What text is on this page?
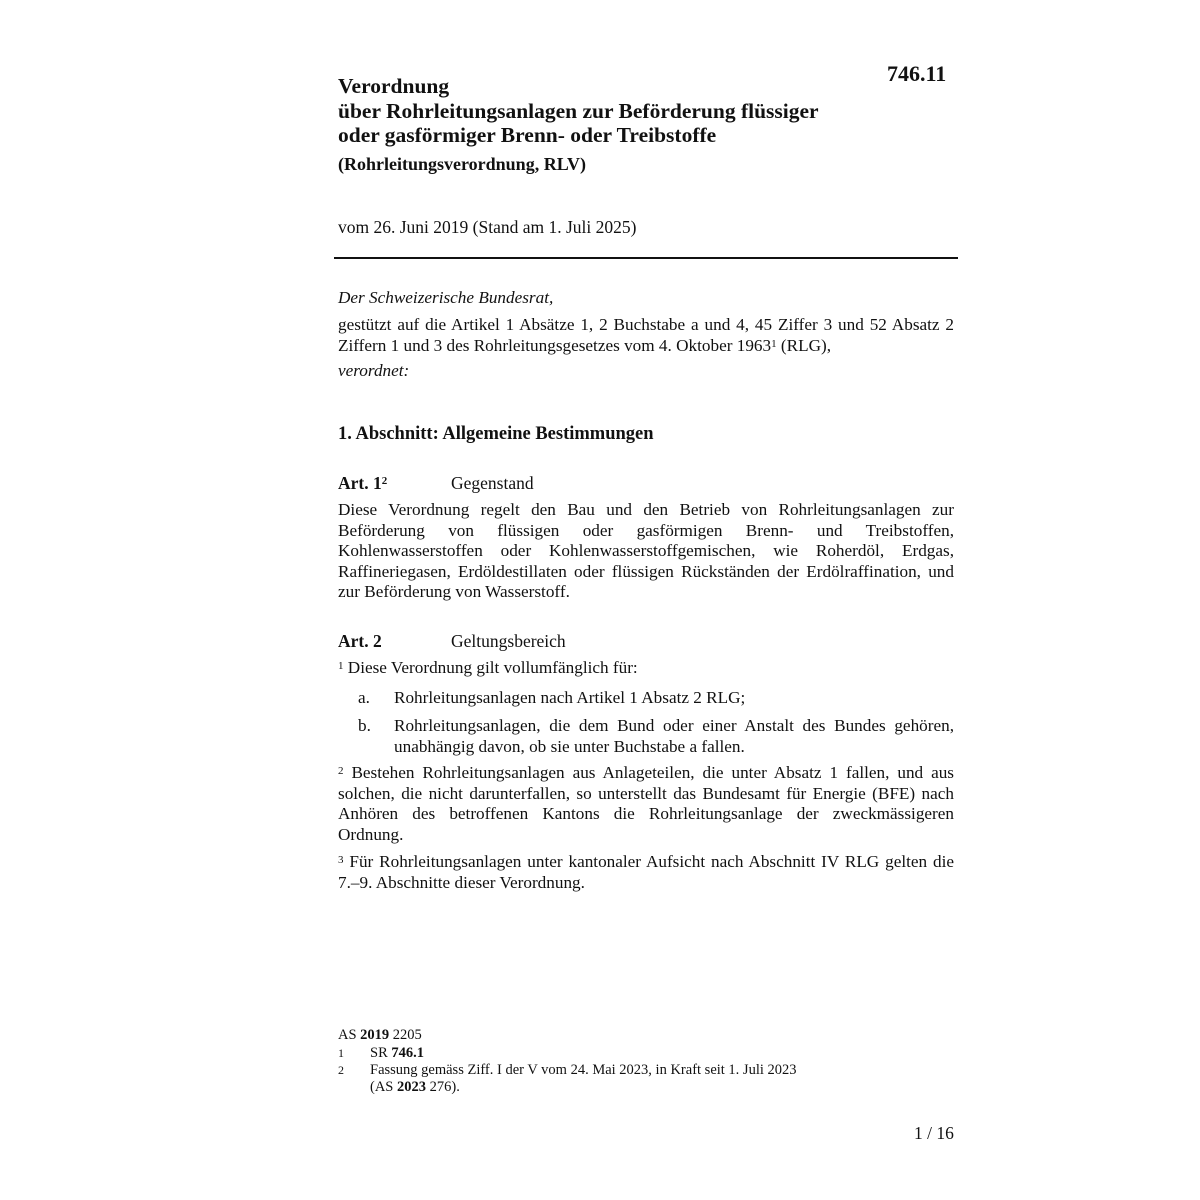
746.11
Verordnung
über Rohrleitungsanlagen zur Beförderung flüssiger
oder gasförmiger Brenn- oder Treibstoffe
(Rohrleitungsverordnung, RLV)
vom 26. Juni 2019 (Stand am 1. Juli 2025)
Der Schweizerische Bundesrat,
gestützt auf die Artikel 1 Absätze 1, 2 Buchstabe a und 4, 45 Ziffer 3 und 52 Absatz 2 Ziffern 1 und 3 des Rohrleitungsgesetzes vom 4. Oktober 1963$^1$ (RLG),
verordnet:
1. Abschnitt: Allgemeine Bestimmungen
Art. $1^2$	Gegenstand
Diese Verordnung regelt den Bau und den Betrieb von Rohrleitungsanlagen zur Beförderung von flüssigen oder gasförmigen Brenn- und Treibstoffen, Kohlenwasserstoffen oder Kohlenwasserstoffgemischen, wie Roherdöl, Erdgas, Raffineriegasen, Erdöldestillaten oder flüssigen Rückständen der Erdölraffination, und zur Beförderung von Wasserstoff.
Art. 2	Geltungsbereich
$^1$ Diese Verordnung gilt vollumfänglich für:
a. Rohrleitungsanlagen nach Artikel 1 Absatz 2 RLG;
b. Rohrleitungsanlagen, die dem Bund oder einer Anstalt des Bundes gehören, unabhängig davon, ob sie unter Buchstabe a fallen.
$^2$ Bestehen Rohrleitungsanlagen aus Anlageteilen, die unter Absatz 1 fallen, und aus solchen, die nicht darunterfallen, so unterstellt das Bundesamt für Energie (BFE) nach Anhören des betroffenen Kantons die Rohrleitungsanlage der zweckmässigeren Ordnung.
$^3$ Für Rohrleitungsanlagen unter kantonaler Aufsicht nach Abschnitt IV RLG gelten die 7.–9. Abschnitte dieser Verordnung.
AS 2019 2205
1 SR 746.1
2 Fassung gemäss Ziff. I der V vom 24. Mai 2023, in Kraft seit 1. Juli 2023
(AS 2023 276).
1 / 16
